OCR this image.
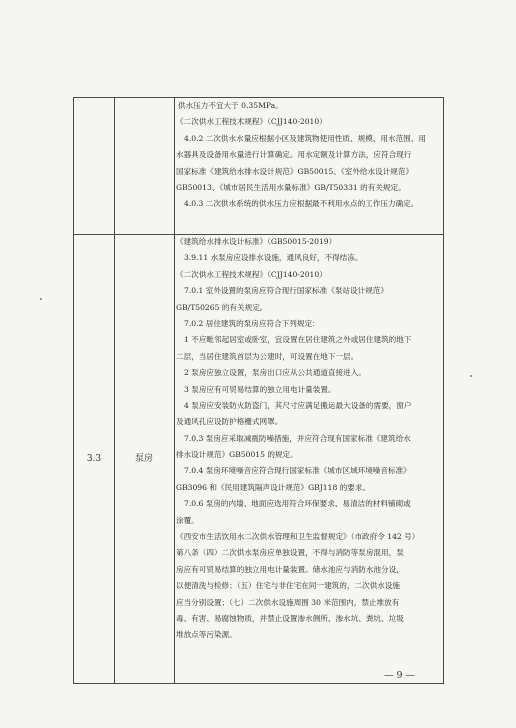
供水压力不宜大于 0.35MPa。
《二次供水工程技术规程》（CJJ140-2010）
4.0.2 二次供水水量应根据小区及建筑物使用性质、规模、用水范围、用
水器具及设备用水量进行计算确定。用水定额及计算方法，应符合现行
国家标准《建筑给水排水设计规范》GB50015、《室外给水设计规范》
GB50013、《城市居民生活用水量标准》GB/T50331 的有关规定。
4.0.3 二次供水系统的供水压力应根据最不利用水点的工作压力确定。
3.3	泵房
《建筑给水排水设计标准》（GB50015-2019）
3.9.11 水泵房应设排水设施，通风良好，不得结冻。
《二次供水工程技术规程》（CJJ140-2010）
7.0.1 室外设置的泵房应符合现行国家标准《泵站设计规范》
GB/T50265 的有关规定。
7.0.2 居住建筑的泵房应符合下列规定：
1 不应毗邻起居室或卧室，宜设置在居住建筑之外或居住建筑的地下
二层，当居住建筑首层为公建时，可设置在地下一层。
2 泵房应独立设置，泵房出口应从公共通道直接进入。
3 泵房应有可贸易结算的独立用电计量装置。
4 泵房应安装防火防盗门，其尺寸应满足搬运最大设备的需要，窗户
及通风孔应设防护格栅式网罩。
7.0.3 泵房应采取减震防噪措施，并应符合现有国家标准《建筑给水
排水设计规范》GB50015 的规定。
7.0.4 泵房环境噪音应符合现行国家标准《城市区域环境噪音标准》
GB3096 和《民用建筑隔声设计规范》GBJ118 的要求。
7.0.6 泵房的内墙、地面应选用符合环保要求、易清洁的材料铺砌或
涂覆。
《西安市生活饮用水二次供水管理和卫生监督规定》（市政府令 142 号）
第八条（四）二次供水泵房应单独设置，不得与消防等泵房混用，泵
房应有可贸易结算的独立用电计量装置。储水池应与消防水池分设，
以便清洗与检修；（五）住宅与非住宅在同一建筑的，二次供水设施
应当分别设置；（七）二次供水设施周围 30 米范围内，禁止堆放有
毒、有害、易腐蚀物质，并禁止设置渗水侧所、渗水坑、粪坑、垃圾
堆放点等污染源。
— 9 —
